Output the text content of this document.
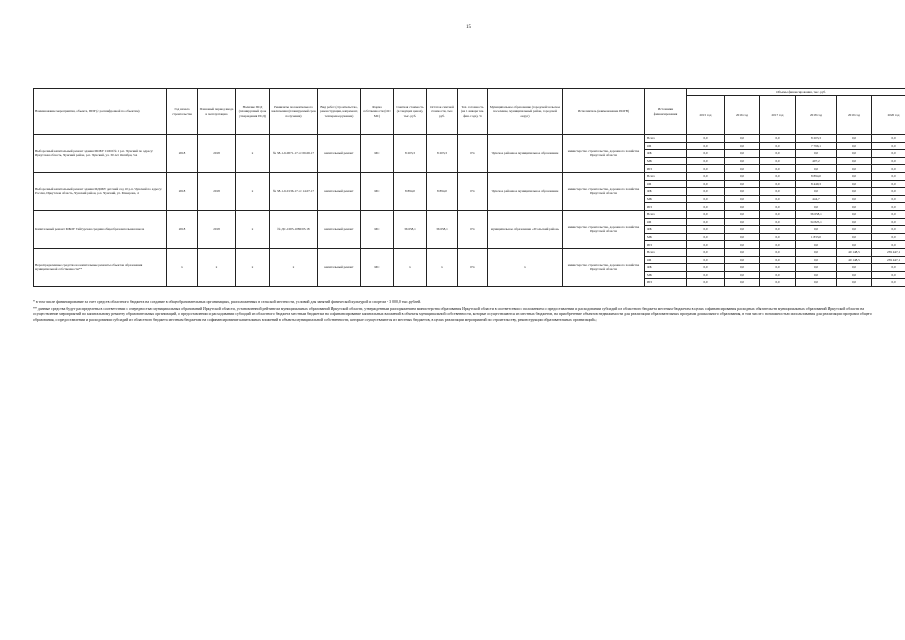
15
Наименование мероприятия, объекта, ПИР (с расшифровкой по объектам)	Год начала строительства	Плановый период ввода в эксплуатацию	Наличие ПСД (планируемый срок утверждения ПСД)	Реквизиты положительного заключения (планируемый срок получения)	Вид работ (строительство, реконструкция, капремонт, техперевооружение)	Форма собственности (ОС/МС)	Сметная стоимость (в текущих ценах), тыс. руб.	Остаток сметной стоимости, тыс. руб.	Тех. готовность (на 1 января тек. фин. года), %	Муниципальное образование (городской/сельское поселение, муниципальный район, городской округ)	Исполнитель (наименование ИОГВ)	Источники финансирования	Объемы финансирования, тыс. руб.					
													2015 год	2016 год	2017 год	2018 год	2019 год	2020 год
Выборочный капитальный ремонт здания МОБУ СОШ № 1 р.п. Чунский по адресу: Иркутская область, Чунский район, р.п. Чунский, ул. 30 лет Октября, 5А	2018	2018	x	№ 38-1-6-0071-17 от 06.06.17	капитальный ремонт	МС	8 203,3	8 203,3	0%	Чунское районное муниципальное образование	министерство строительства, дорожного хозяйства Иркутской области	Всего	0,0	0,0	0,0	8 203,3	0,0	0,0
												ОБ	0,0	0,0	0,0	7 796,1	0,0	0,0
												ФБ	0,0	0,0	0,0	0,0	0,0	0,0
												МБ	0,0	0,0	0,0	407,2	0,0	0,0
												ИП	0,0	0,0	0,0	0,0	0,0	0,0
Выборочный капитальный ремонт здания МДОБУ детский сад 10 р.п. Чунский по адресу: Россия, Иркутская область, Чунский район, р.п. Чунский, ул. Макарова, 4	2018	2018	x	№ 38-1-6-0136-17 от 14.07.17	капитальный ремонт	МС	8 894,0	8 894,0	0%	Чунское районное муниципальное образование	министерство строительства, дорожного хозяйства Иркутской области	Всего	0,0	0,0	0,0	8 894,0	0,0	0,0
												ОБ	0,0	0,0	0,0	8 449,3	0,0	0,0
												ФБ	0,0	0,0	0,0	0,0	0,0	0,0
												МБ	0,0	0,0	0,0	444,7	0,0	0,0
												ИП	0,0	0,0	0,0	0,0	0,0	0,0
Капитальный ремонт МБОУ Тайтурская средняя общеобразовательная школа	2018	2018	x	№ ДС-1005-1080/03.18	капитальный ремонт	МС	36 658,1	36 658,1	0%	муниципальное образование «Усольский район»	министерство строительства, дорожного хозяйства Иркутской области	Всего	0,0	0,0	0,0	36 658,1	0,0	0,0
												ОБ	0,0	0,0	0,0	34 825,1	0,0	0,0
												ФБ	0,0	0,0	0,0	0,0	0,0	0,0
												МБ	0,0	0,0	0,0	1 833,0	0,0	0,0
												ИП	0,0	0,0	0,0	0,0	0,0	0,0
Нераспределенные средства на капитальные ремонты объектов образования муниципальной собственности**	x	x	x	x	капитальный ремонт	МС	x	x	0%	x	министерство строительства, дорожного хозяйства Иркутской области	Всего	0,0	0,0	0,0	0,0	40 148,5	239 447,1
												ОБ	0,0	0,0	0,0	0,0	40 148,5	239 447,1
												ФБ	0,0	0,0	0,0	0,0	0,0	0,0
												МБ	0,0	0,0	0,0	0,0	0,0	0,0
												ИП	0,0	0,0	0,0	0,0	0,0	0,0

* в том числе финансирование за счет средств областного бюджета на создание в общеобразовательных организациях, расположенных в сельской местности, условий для занятий физической культурой и спортом - 3 000,0 тыс.рублей.

** данные средства будут распределены в соответствии с очередностью муниципальных образований Иркутской области, установленной рейтингом муниципальных образований Иркутской области, утвержденным распоряжением министерства образования Иркутской области в соответствии с положением о предоставлении и расходовании субсидий из областного бюджета местным бюджетам в целях софинансирования расходных обязательств муниципальных образований Иркутской области на осуществление мероприятий по капитальному ремонту образовательных организаций, о предоставлении и расходовании субсидий из областного бюджета местным бюджетам на софинансирование капитальных вложений в объекты муниципальной собственности, которые осуществляются из местных бюджетов, на приобретение объектов недвижимости для реализации образовательных программ дошкольного образования, в том числе с возможностью использования для реализации программ общего образования, о предоставлении и расходовании субсидий из областного бюджета местным бюджетам на софинансирование капитальных вложений в объекты муниципальной собственности, которые осуществляются из местных бюджетов, в целях реализации мероприятий по строительству, реконструкции образовательных организаций»;
